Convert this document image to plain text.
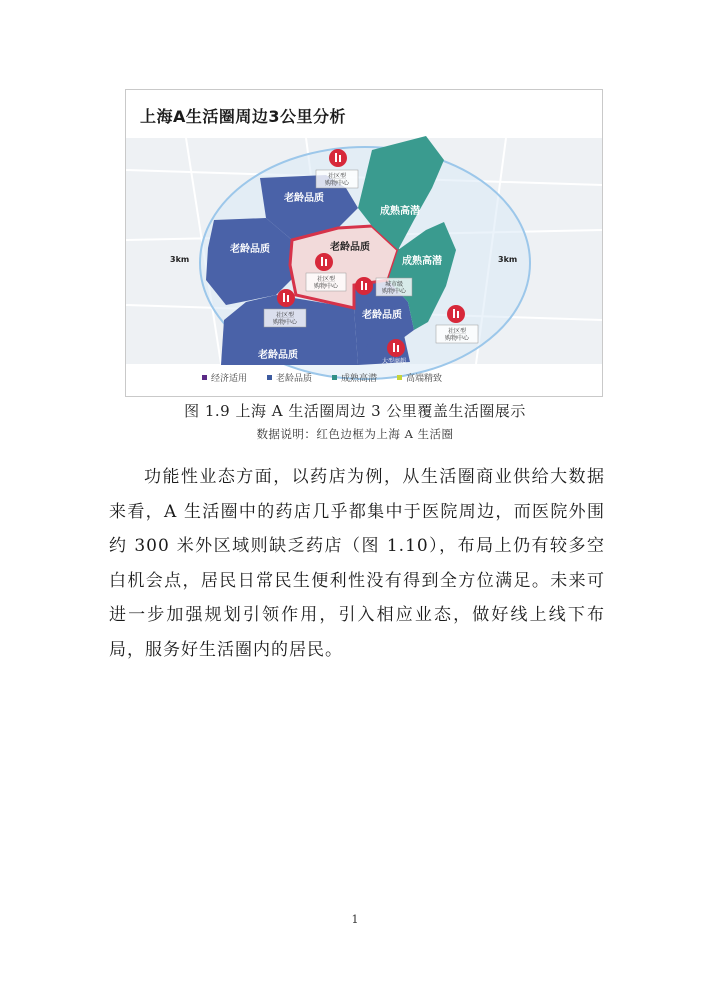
老龄品质
老龄品质	老龄品质
老龄品质
老龄品质
成熟高潜
成熟高潜
3km	3km
社区型
购物中心
社区型
购物中心
社区型
购物中心
城市级
购物中心
社区型
购物中心
大型商超
上海A生活圈周边3公里分析
经济适用	老龄品质	成熟高潜	高端精致
图 1.9 上海 A 生活圈周边 3 公里覆盖生活圈展示
数据说明：红色边框为上海 A 生活圈

功能性业态方面，以药店为例，从生活圈商业供给大数据来看，A 生活圈中的药店几乎都集中于医院周边，而医院外围约 300 米外区域则缺乏药店（图 1.10），布局上仍有较多空白机会点，居民日常民生便利性没有得到全方位满足。未来可进一步加强规划引领作用，引入相应业态，做好线上线下布局，服务好生活圈内的居民。

1
